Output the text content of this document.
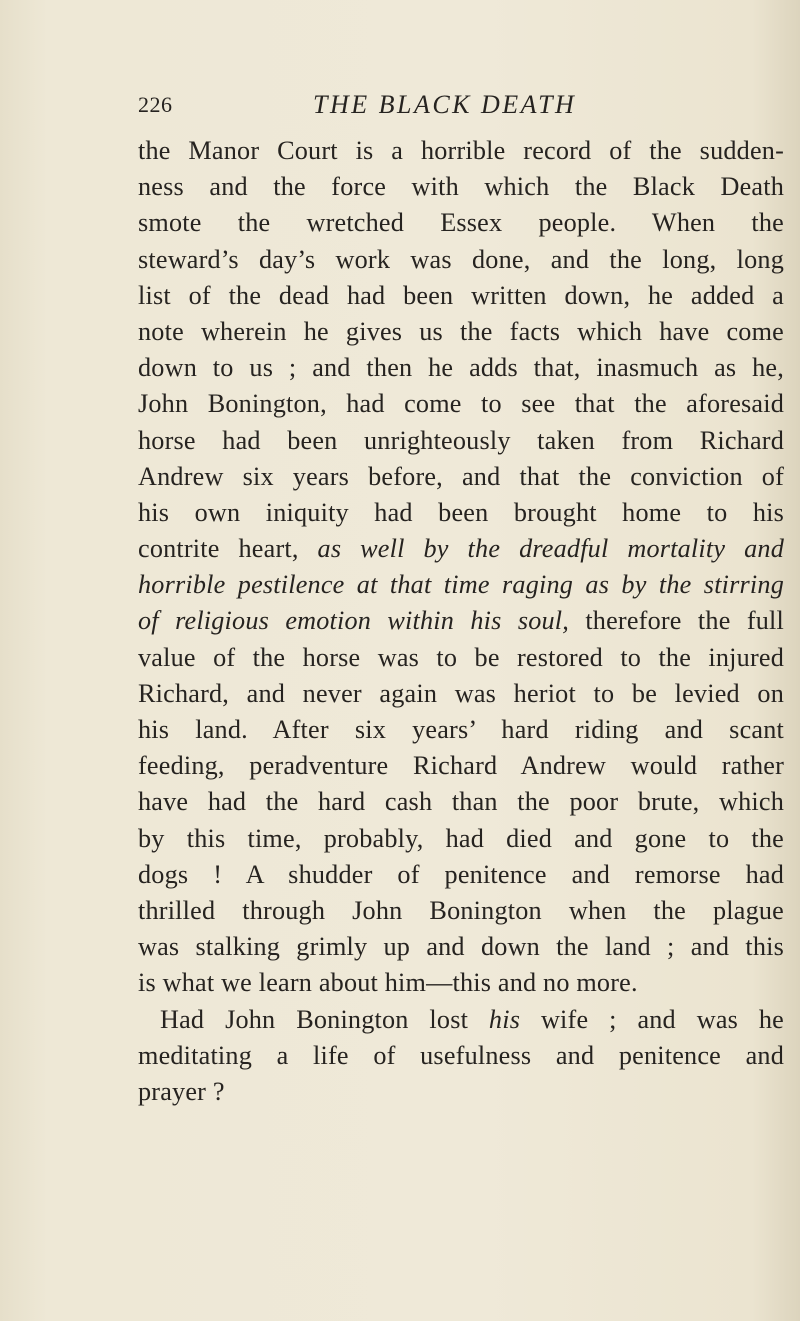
226	THE BLACK DEATH
the Manor Court is a horrible record of the sudden-
ness and the force with which the Black Death
smote the wretched Essex people. When the
steward’s day’s work was done, and the long, long
list of the dead had been written down, he added a
note wherein he gives us the facts which have come
down to us ; and then he adds that, inasmuch as he,
John Bonington, had come to see that the aforesaid
horse had been unrighteously taken from Richard
Andrew six years before, and that the conviction of
his own iniquity had been brought home to his
contrite heart, as well by the dreadful mortality and
horrible pestilence at that time raging as by the stirring
of religious emotion within his soul, therefore the full
value of the horse was to be restored to the injured
Richard, and never again was heriot to be levied on
his land. After six years’ hard riding and scant
feeding, peradventure Richard Andrew would rather
have had the hard cash than the poor brute, which
by this time, probably, had died and gone to the
dogs ! A shudder of penitence and remorse had
thrilled through John Bonington when the plague
was stalking grimly up and down the land ; and this
is what we learn about him—this and no more.
Had John Bonington lost his wife ; and was he
meditating a life of usefulness and penitence and
prayer ?
